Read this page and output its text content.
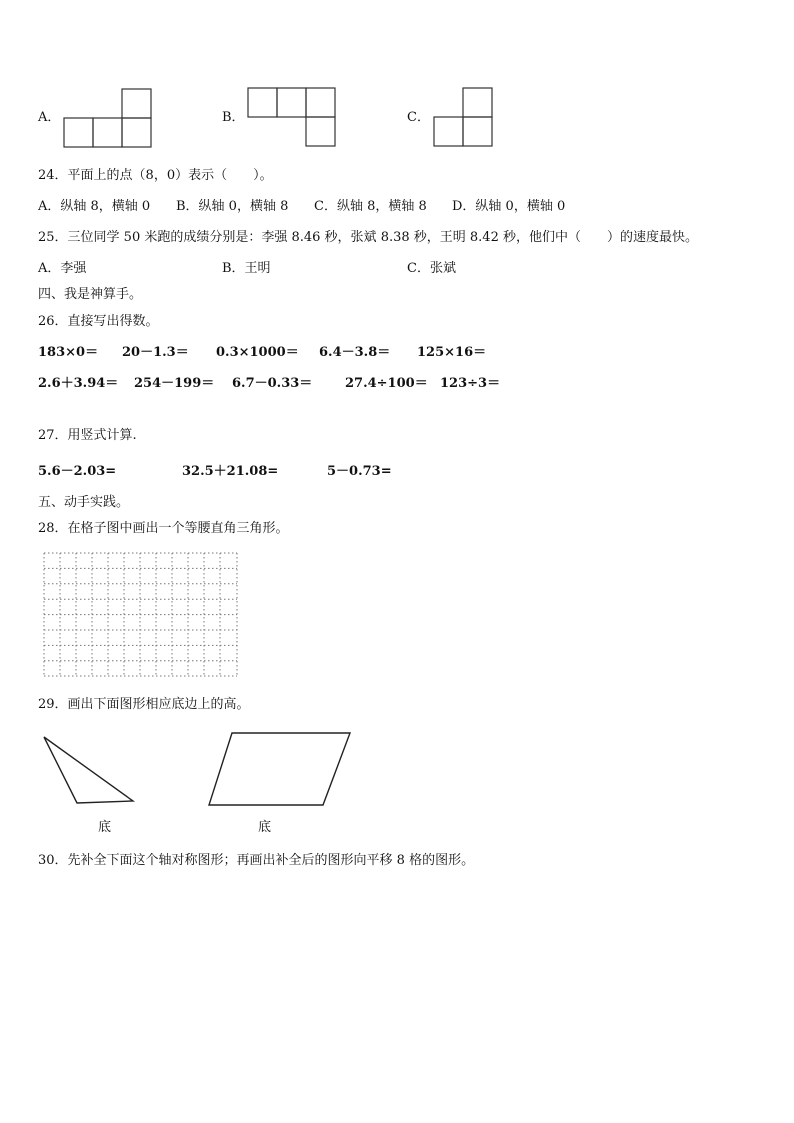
A．	B．	C．
24．平面上的点（8，0）表示（　　）。
A．纵轴 8，横轴 0 B．纵轴 0，横轴 8 C．纵轴 8，横轴 8 D．纵轴 0，横轴 0
25．三位同学 50 米跑的成绩分别是：李强 8.46 秒，张斌 8.38 秒，王明 8.42 秒，他们中（　　）的速度最快。
A．李强	B．王明	C．张斌
四、我是神算手。
26．直接写出得数。
183×0＝ 20－1.3＝ 0.3×1000＝ 6.4－3.8＝ 125×16＝
2.6＋3.94＝ 254－199＝ 6.7－0.33＝	27.4÷100＝ 123÷3＝
27．用竖式计算.
5.6－2.03=	32.5＋21.08=	5－0.73=
五、动手实践。
28．在格子图中画出一个等腰直角三角形。
29．画出下面图形相应底边上的高。
底	底
30．先补全下面这个轴对称图形；再画出补全后的图形向平移 8 格的图形。
